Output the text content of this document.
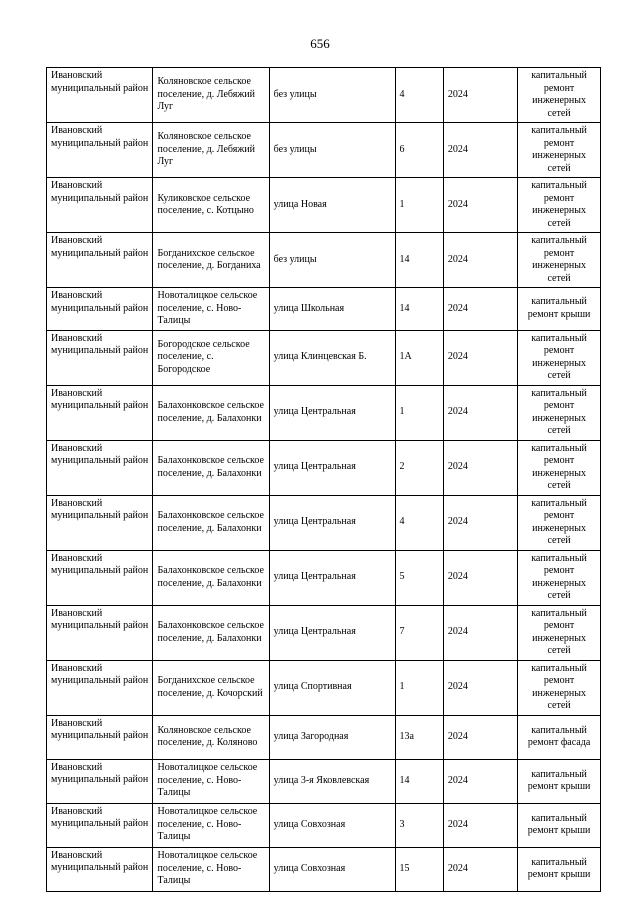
656
Ивановский муниципальный район	Коляновское сельское поселение, д. Лебяжий Луг	без улицы	4	2024	капитальный ремонт инженерных сетей
Ивановский муниципальный район	Коляновское сельское поселение, д. Лебяжий Луг	без улицы	6	2024	капитальный ремонт инженерных сетей
Ивановский муниципальный район	Куликовское сельское поселение, с. Котцыно	улица Новая	1	2024	капитальный ремонт инженерных сетей
Ивановский муниципальный район	Богданихское сельское поселение, д. Богданиха	без улицы	14	2024	капитальный ремонт инженерных сетей
Ивановский муниципальный район	Новоталицкое сельское поселение, с. Ново-Талицы	улица Школьная	14	2024	капитальный ремонт крыши
Ивановский муниципальный район	Богородское сельское поселение, с. Богородское	улица Клинцевская Б.	1А	2024	капитальный ремонт инженерных сетей
Ивановский муниципальный район	Балахонковское сельское поселение, д. Балахонки	улица Центральная	1	2024	капитальный ремонт инженерных сетей
Ивановский муниципальный район	Балахонковское сельское поселение, д. Балахонки	улица Центральная	2	2024	капитальный ремонт инженерных сетей
Ивановский муниципальный район	Балахонковское сельское поселение, д. Балахонки	улица Центральная	4	2024	капитальный ремонт инженерных сетей
Ивановский муниципальный район	Балахонковское сельское поселение, д. Балахонки	улица Центральная	5	2024	капитальный ремонт инженерных сетей
Ивановский муниципальный район	Балахонковское сельское поселение, д. Балахонки	улица Центральная	7	2024	капитальный ремонт инженерных сетей
Ивановский муниципальный район	Богданихское сельское поселение, д. Кочорский	улица Спортивная	1	2024	капитальный ремонт инженерных сетей
Ивановский муниципальный район	Коляновское сельское поселение, д. Коляново	улица Загородная	13а	2024	капитальный ремонт фасада
Ивановский муниципальный район	Новоталицкое сельское поселение, с. Ново-Талицы	улица 3-я Яковлевская	14	2024	капитальный ремонт крыши
Ивановский муниципальный район	Новоталицкое сельское поселение, с. Ново-Талицы	улица Совхозная	3	2024	капитальный ремонт крыши
Ивановский муниципальный район	Новоталицкое сельское поселение, с. Ново-Талицы	улица Совхозная	15	2024	капитальный ремонт крыши
